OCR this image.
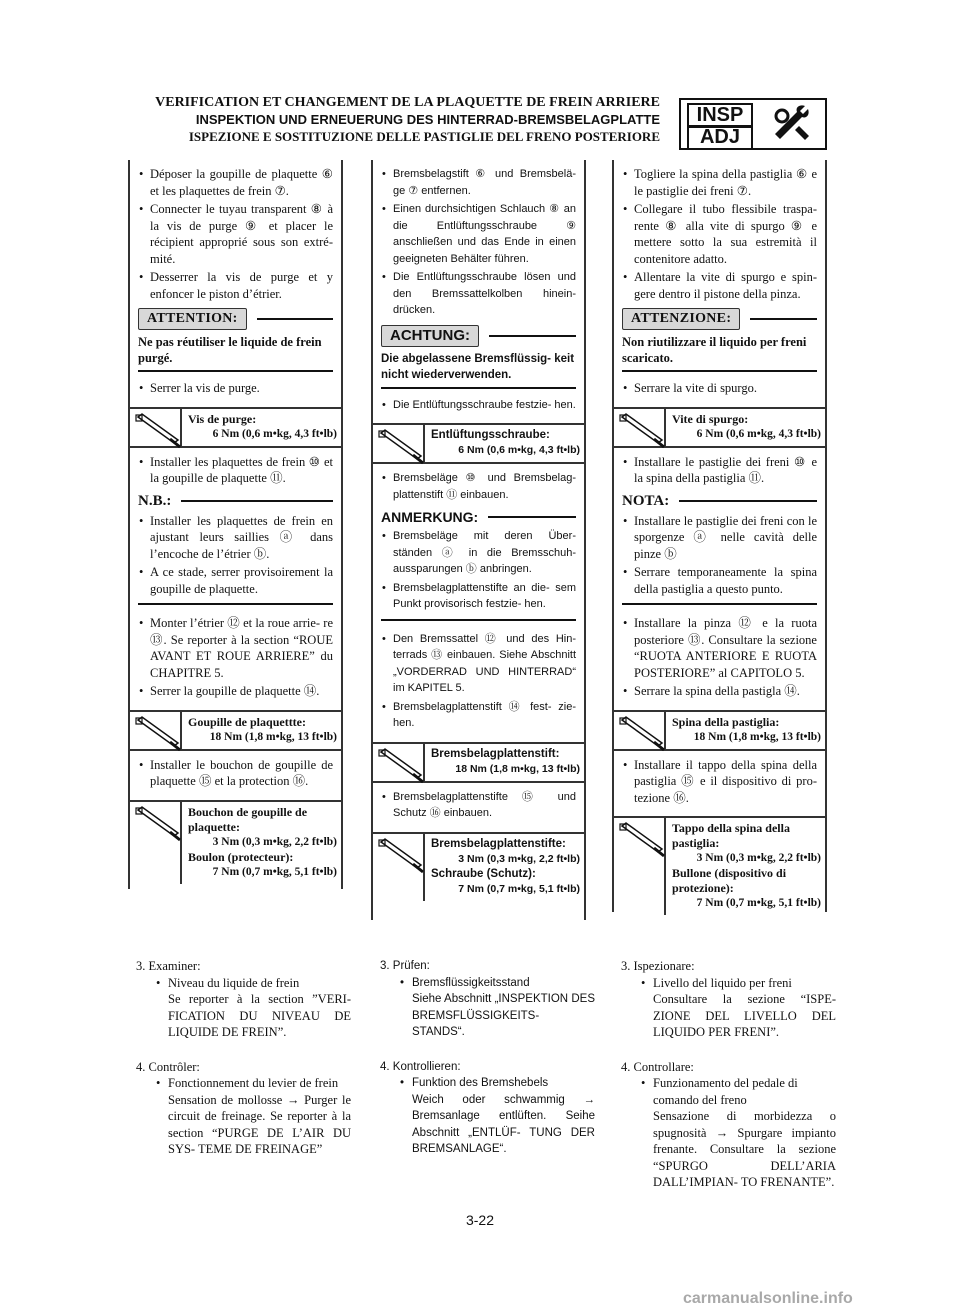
VERIFICATION ET CHANGEMENT DE LA PLAQUETTE DE FREIN ARRIERE
INSPEKTION UND ERNEUERUNG DES HINTERRAD-BREMSBELAGPLATTE
ISPEZIONE E SOSTITUZIONE DELLE PASTIGLIE DEL FRENO POSTERIORE
INSP
ADJ
• Déposer la goupille de plaquette ⑥ et les plaquettes de frein ⑦.
• Connecter le tuyau transparent ⑧ à la vis de purge ⑨ et placer le récipient approprié sous son extré- mité.
• Desserrer la vis de purge et y enfoncer le piston d’étrier.
ATTENTION:
Ne pas réutiliser le liquide de frein purgé.
• Serrer la vis de purge.
Vis de purge:
6 Nm (0,6 m•kg, 4,3 ft•lb)
• Installer les plaquettes de frein ⑩ et la goupille de plaquette ⑪.
N.B.:
• Installer les plaquettes de frein en ajustant leurs saillies ⓐ dans l’encoche de l’étrier ⓑ.
• A ce stade, serrer provisoirement la goupille de plaquette.
• Monter l’étrier ⑫ et la roue arrie- re ⑬. Se reporter à la section “ROUE AVANT ET ROUE ARRIERE” du CHAPITRE 5.
• Serrer la goupille de plaquette ⑭.
Goupille de plaquettte:
18 Nm (1,8 m•kg, 13 ft•lb)
• Installer le bouchon de goupille de plaquette ⑮ et la protection ⑯.
Bouchon de goupille de plaquette:
3 Nm (0,3 m•kg, 2,2 ft•lb)
Boulon (protecteur):
7 Nm (0,7 m•kg, 5,1 ft•lb)
• Bremsbelagstift ⑥ und Bremsbelä- ge ⑦ entfernen.
• Einen durchsichtigen Schlauch ⑧ an die Entlüftungsschraube ⑨ anschließen und das Ende in einen geeigneten Behälter führen.
• Die Entlüftungsschraube lösen und den Bremssattelkolben hinein- drücken.
ACHTUNG:
Die abgelassene Bremsflüssig- keit nicht wiederverwenden.
• Die Entlüftungsschraube festzie- hen.
Entlüftungsschraube:
6 Nm (0,6 m•kg, 4,3 ft•lb)
• Bremsbeläge ⑩ und Bremsbelag- plattenstift ⑪ einbauen.
ANMERKUNG:
• Bremsbeläge mit deren Über- ständen ⓐ in die Bremsschuh- aussparungen ⓑ anbringen.
• Bremsbelagplattenstifte an die- sem Punkt provisorisch festzie- hen.
• Den Bremssattel ⑫ und des Hin- terrads ⑬ einbauen. Siehe Abschnitt „VORDERRAD UND HINTERRAD“ im KAPITEL 5.
• Bremsbelagplattenstift ⑭ fest- zie- hen.
Bremsbelagplattenstift:
18 Nm (1,8 m•kg, 13 ft•lb)
• Bremsbelagplattenstifte ⑮ und Schutz ⑯ einbauen.
Bremsbelagplattenstifte:
3 Nm (0,3 m•kg, 2,2 ft•lb)
Schraube (Schutz):
7 Nm (0,7 m•kg, 5,1 ft•lb)
• Togliere la spina della pastiglia ⑥ e le pastiglie dei freni ⑦.
• Collegare il tubo flessibile traspa- rente ⑧ alla vite di spurgo ⑨ e mettere sotto la sua estremità il contenitore adatto.
• Allentare la vite di spurgo e spin- gere dentro il pistone della pinza.
ATTENZIONE:
Non riutilizzare il liquido per freni scaricato.
• Serrare la vite di spurgo.
Vite di spurgo:
6 Nm (0,6 m•kg, 4,3 ft•lb)
• Installare le pastiglie dei freni ⑩ e la spina della pastiglia ⑪.
NOTA:
• Installare le pastiglie dei freni con le sporgenze ⓐ nelle cavità delle pinze ⓑ
• Serrare temporaneamente la spina della pastiglia a questo punto.
• Installare la pinza ⑫ e la ruota posteriore ⑬. Consultare la sezione “RUOTA ANTERIORE E RUOTA POSTERIORE” al CAPITOLO 5.
• Serrare la spina della pastigla ⑭.
Spina della pastiglia:
18 Nm (1,8 m•kg, 13 ft•lb)
• Installare il tappo della spina della pastiglia ⑮ e il dispositivo di pro- tezione ⑯.
Tappo della spina della pastiglia:
3 Nm (0,3 m•kg, 2,2 ft•lb)
Bullone (dispositivo di protezione):
7 Nm (0,7 m•kg, 5,1 ft•lb)
3. Examiner:
• Niveau du liquide de frein
Se reporter à la section ”VERI- FICATION DU NIVEAU DE LIQUIDE DE FREIN”.
4. Contrôler:
• Fonctionnement du levier de frein
Sensation de mollosse → Purger le circuit de freinage. Se reporter à la section “PURGE DE L’AIR DU SYS- TEME DE FREINAGE”
3. Prüfen:
• Bremsflüssigkeitsstand
Siehe Abschnitt „INSPEKTION DES BREMSFLÜSSIGKEITS- STANDS“.
4. Kontrollieren:
• Funktion des Bremshebels
Weich oder schwammig → Bremsanlage entlüften. Seihe Abschnitt „ENTLÜF- TUNG DER BREMSANLAGE“.
3. Ispezionare:
• Livello del liquido per freni
Consultare la sezione “ISPE- ZIONE DEL LIVELLO DEL LIQUIDO PER FRENI”.
4. Controllare:
• Funzionamento del pedale di comando del freno
Sensazione di morbidezza o spugnosità → Spurgare impianto frenante. Consultare la sezione “SPURGO DELL’ARIA DALL’IMPIAN- TO FRENANTE”.
3-22
carmanualsonline.info
